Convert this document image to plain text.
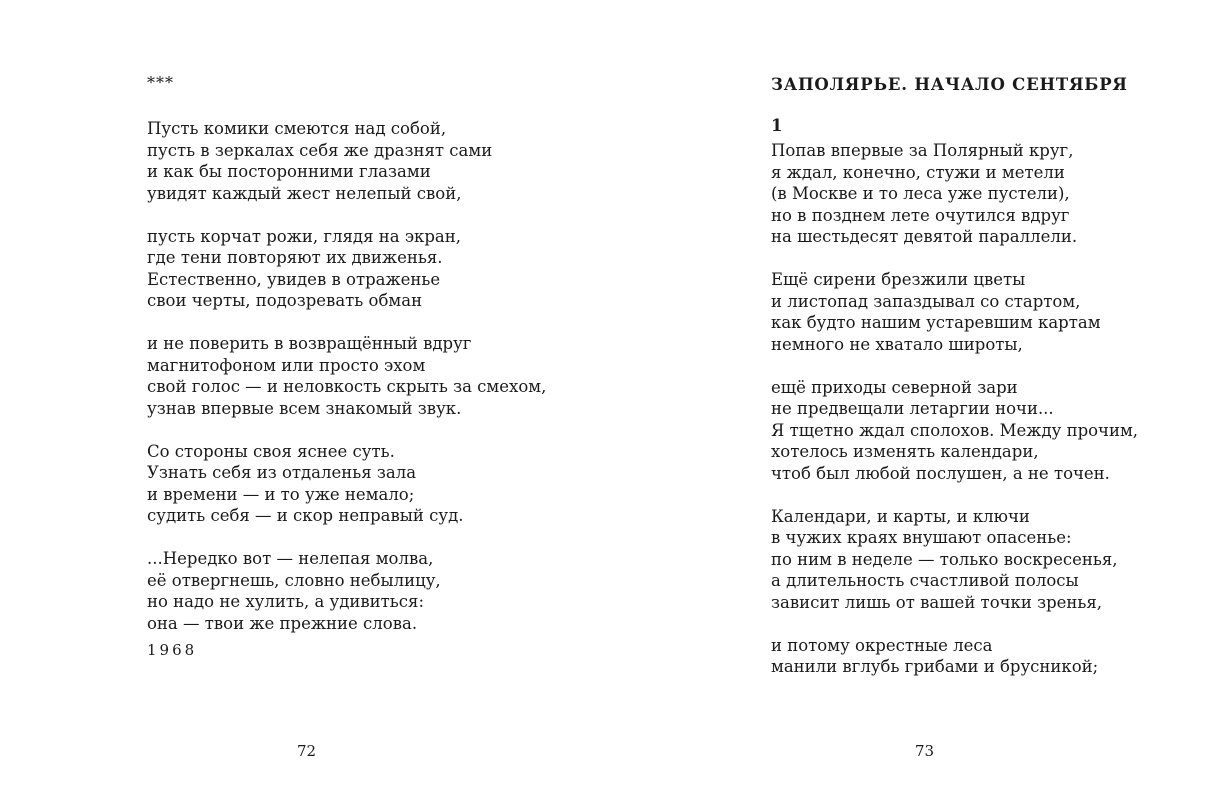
***
Пусть комики смеются над собой,
пусть в зеркалах себя же дразнят сами
и как бы посторонними глазами
увидят каждый жест нелепый свой,
пусть корчат рожи, глядя на экран,
где тени повторяют их движенья.
Естественно, увидев в отраженье
свои черты, подозревать обман
и не поверить в возвращённый вдруг
магнитофоном или просто эхом
свой голос — и неловкость скрыть за смехом,
узнав впервые всем знакомый звук.
Со стороны своя яснее суть.
Узнать себя из отдаленья зала
и времени — и то уже немало;
судить себя — и скор неправый суд.
...Нередко вот — нелепая молва,
её отвергнешь, словно небылицу,
но надо не хулить, а удивиться:
она — твои же прежние слова.
1968
72
ЗАПОЛЯРЬЕ. НАЧАЛО СЕНТЯБРЯ
1
Попав впервые за Полярный круг,
я ждал, конечно, стужи и метели
(в Москве и то леса уже пустели),
но в позднем лете очутился вдруг
на шестьдесят девятой параллели.
Ещё сирени брезжили цветы
и листопад запаздывал со стартом,
как будто нашим устаревшим картам
немного не хватало широты,
ещё приходы северной зари
не предвещали летаргии ночи...
Я тщетно ждал сполохов. Между прочим,
хотелось изменять календари,
чтоб был любой послушен, а не точен.
Календари, и карты, и ключи
в чужих краях внушают опасенье:
по ним в неделе — только воскресенья,
а длительность счастливой полосы
зависит лишь от вашей точки зренья,
и потому окрестные леса
манили вглубь грибами и брусникой;
73
